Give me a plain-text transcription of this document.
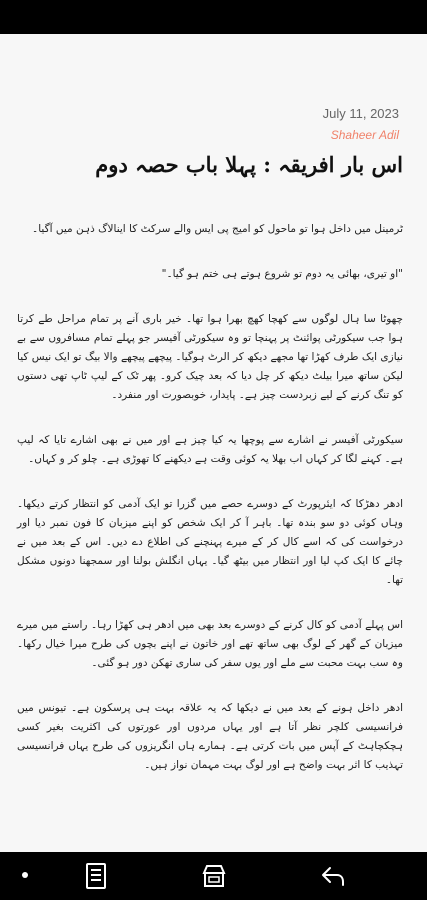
July 11, 2023
Shaheer Adil
اس بار افریقہ : پہلا باب حصہ دوم

ٹرمینل میں داخل ہوا تو ماحول کو امیج پی ایس والے سرکٹ کا اینالاگ ذہن میں آگیا۔

"او تیری، بھائی یہ دوم تو شروع ہوتے ہی ختم ہو گیا۔"

چھوٹا سا ہال لوگوں سے کھچا کھچ بھرا ہوا تھا۔ خیر باری آنے پر تمام مراحل طے کرتا ہوا جب سیکورٹی پوائنٹ پر پہنچا تو وہ سیکورٹی آفیسر جو پہلے تمام مسافروں سے بے نیازی ایک طرف کھڑا تھا مجھے دیکھ کر الرٹ ہوگیا۔ پیچھے پیچھے والا بیگ تو ایک نیس کیا لیکن ساتھ میرا بیلٹ دیکھ کر چل دیا کہ بعد چیک کرو۔ پھر ٹک کے لیپ ٹاپ تھی دستوں کو تنگ کرنے کے لیے زبردست چیز ہے۔ پایدار، خوبصورت اور منفرد۔

سیکورٹی آفیسر نے اشارے سے پوچھا یہ کیا چیز ہے اور میں نے بھی اشارے تایا کہ لیپ ہے۔ کہنے لگا کر کہاں اب بھلا یہ کوئی وقت ہے دیکھنے کا تھوڑی ہے۔ چلو کر و کہاں۔

ادھر دھڑکا کہ ایئرپورٹ کے دوسرے حصے میں گزرا تو ایک آدمی کو انتظار کرتے دیکھا۔ وہاں کوئی دو سو بندہ تھا۔ باہر آ کر ایک شخص کو اپنے میزبان کا فون نمبر دیا اور درخواست کی کہ اسے کال کر کے میرے پہنچنے کی اطلاع دے دیں۔ اس کے بعد میں نے چائے کا ایک کپ لیا اور انتظار میں بیٹھ گیا۔ یہاں انگلش بولنا اور سمجھنا دونوں مشکل تھا۔

اس پہلے آدمی کو کال کرنے کے دوسرے بعد بھی میں ادھر ہی کھڑا رہا۔ راستے میں میرے میزبان کے گھر کے لوگ بھی ساتھ تھے اور خاتون نے اپنے بچوں کی طرح میرا خیال رکھا۔ وہ سب بہت محبت سے ملے اور یوں سفر کی ساری تھکن دور ہو گئی۔

ادھر داخل ہونے کے بعد میں نے دیکھا کہ یہ علاقہ بہت ہی پرسکون ہے۔ تیونس میں فرانسیسی کلچر نظر آتا ہے اور یہاں مردوں اور عورتوں کی اکثریت بغیر کسی ہچکچاہٹ کے آپس میں بات کرتی ہے۔ ہمارے ہاں انگریزوں کی طرح یہاں فرانسیسی تہذیب کا اثر بہت واضح ہے اور لوگ بہت مہمان نواز ہیں۔
